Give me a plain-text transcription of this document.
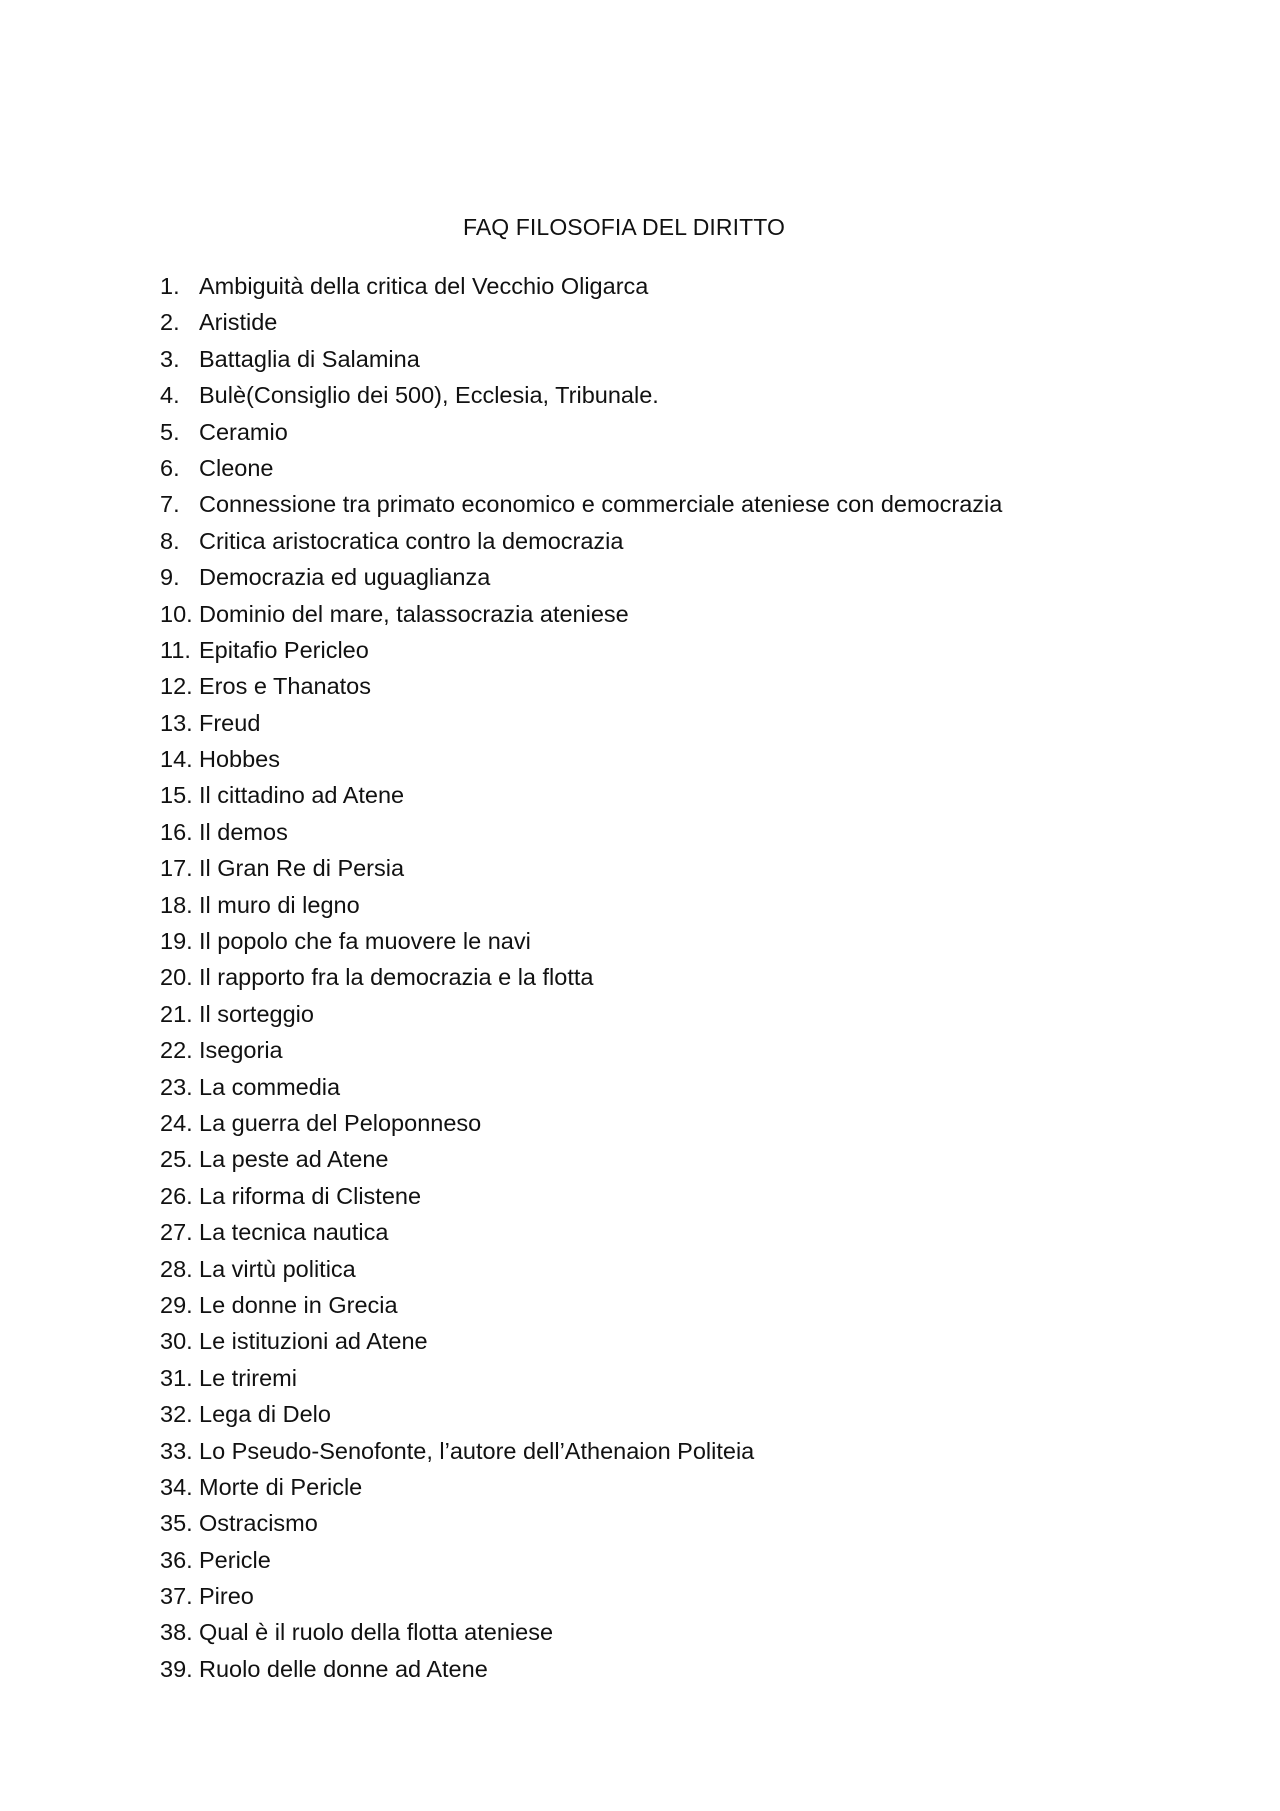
FAQ FILOSOFIA DEL DIRITTO
1. Ambiguità della critica del Vecchio Oligarca
2. Aristide
3. Battaglia di Salamina
4. Bulè(Consiglio dei 500), Ecclesia, Tribunale.
5. Ceramio
6. Cleone
7. Connessione tra primato economico e commerciale ateniese con democrazia
8. Critica aristocratica contro la democrazia
9. Democrazia ed uguaglianza
10. Dominio del mare, talassocrazia ateniese
11. Epitafio Pericleo
12. Eros e Thanatos
13. Freud
14. Hobbes
15. Il cittadino ad Atene
16. Il demos
17. Il Gran Re di Persia
18. Il muro di legno
19. Il popolo che fa muovere le navi
20. Il rapporto fra la democrazia e la flotta
21. Il sorteggio
22. Isegoria
23. La commedia
24. La guerra del Peloponneso
25. La peste ad Atene
26. La riforma di Clistene
27. La tecnica nautica
28. La virtù politica
29. Le donne in Grecia
30. Le istituzioni ad Atene
31. Le triremi
32. Lega di Delo
33. Lo Pseudo-Senofonte, l’autore dell’Athenaion Politeia
34. Morte di Pericle
35. Ostracismo
36. Pericle
37. Pireo
38. Qual è il ruolo della flotta ateniese
39. Ruolo delle donne ad Atene
